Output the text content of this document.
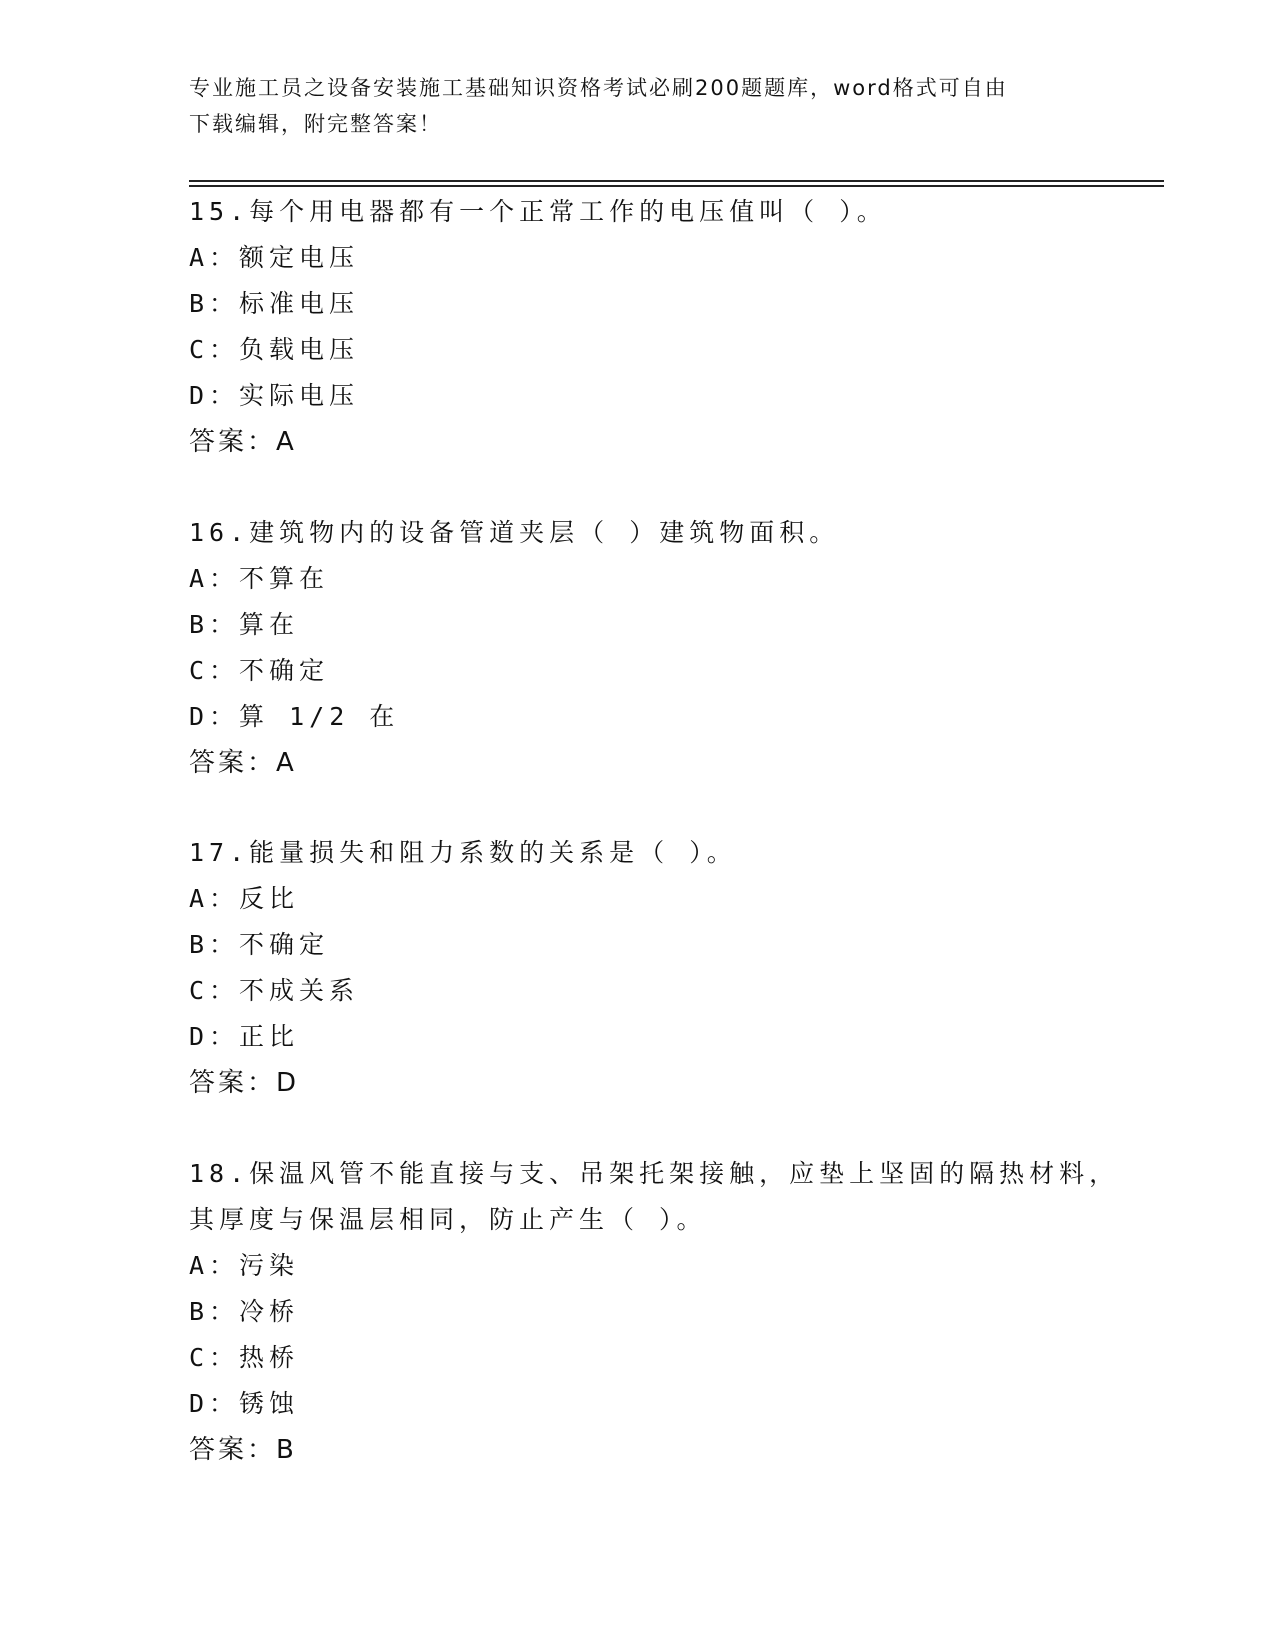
专业施工员之设备安装施工基础知识资格考试必刷200题题库，word格式可自由
下载编辑，附完整答案！
15.每个用电器都有一个正常工作的电压值叫（ ）。
A：额定电压
B：标准电压
C：负载电压
D：实际电压
答案：A
16.建筑物内的设备管道夹层（ ）建筑物面积。
A：不算在
B：算在
C：不确定
D：算 1/2 在
答案：A
17.能量损失和阻力系数的关系是（ ）。
A：反比
B：不确定
C：不成关系
D：正比
答案：D
18.保温风管不能直接与支、吊架托架接触，应垫上坚固的隔热材料，
其厚度与保温层相同，防止产生（ ）。
A：污染
B：冷桥
C：热桥
D：锈蚀
答案：B
